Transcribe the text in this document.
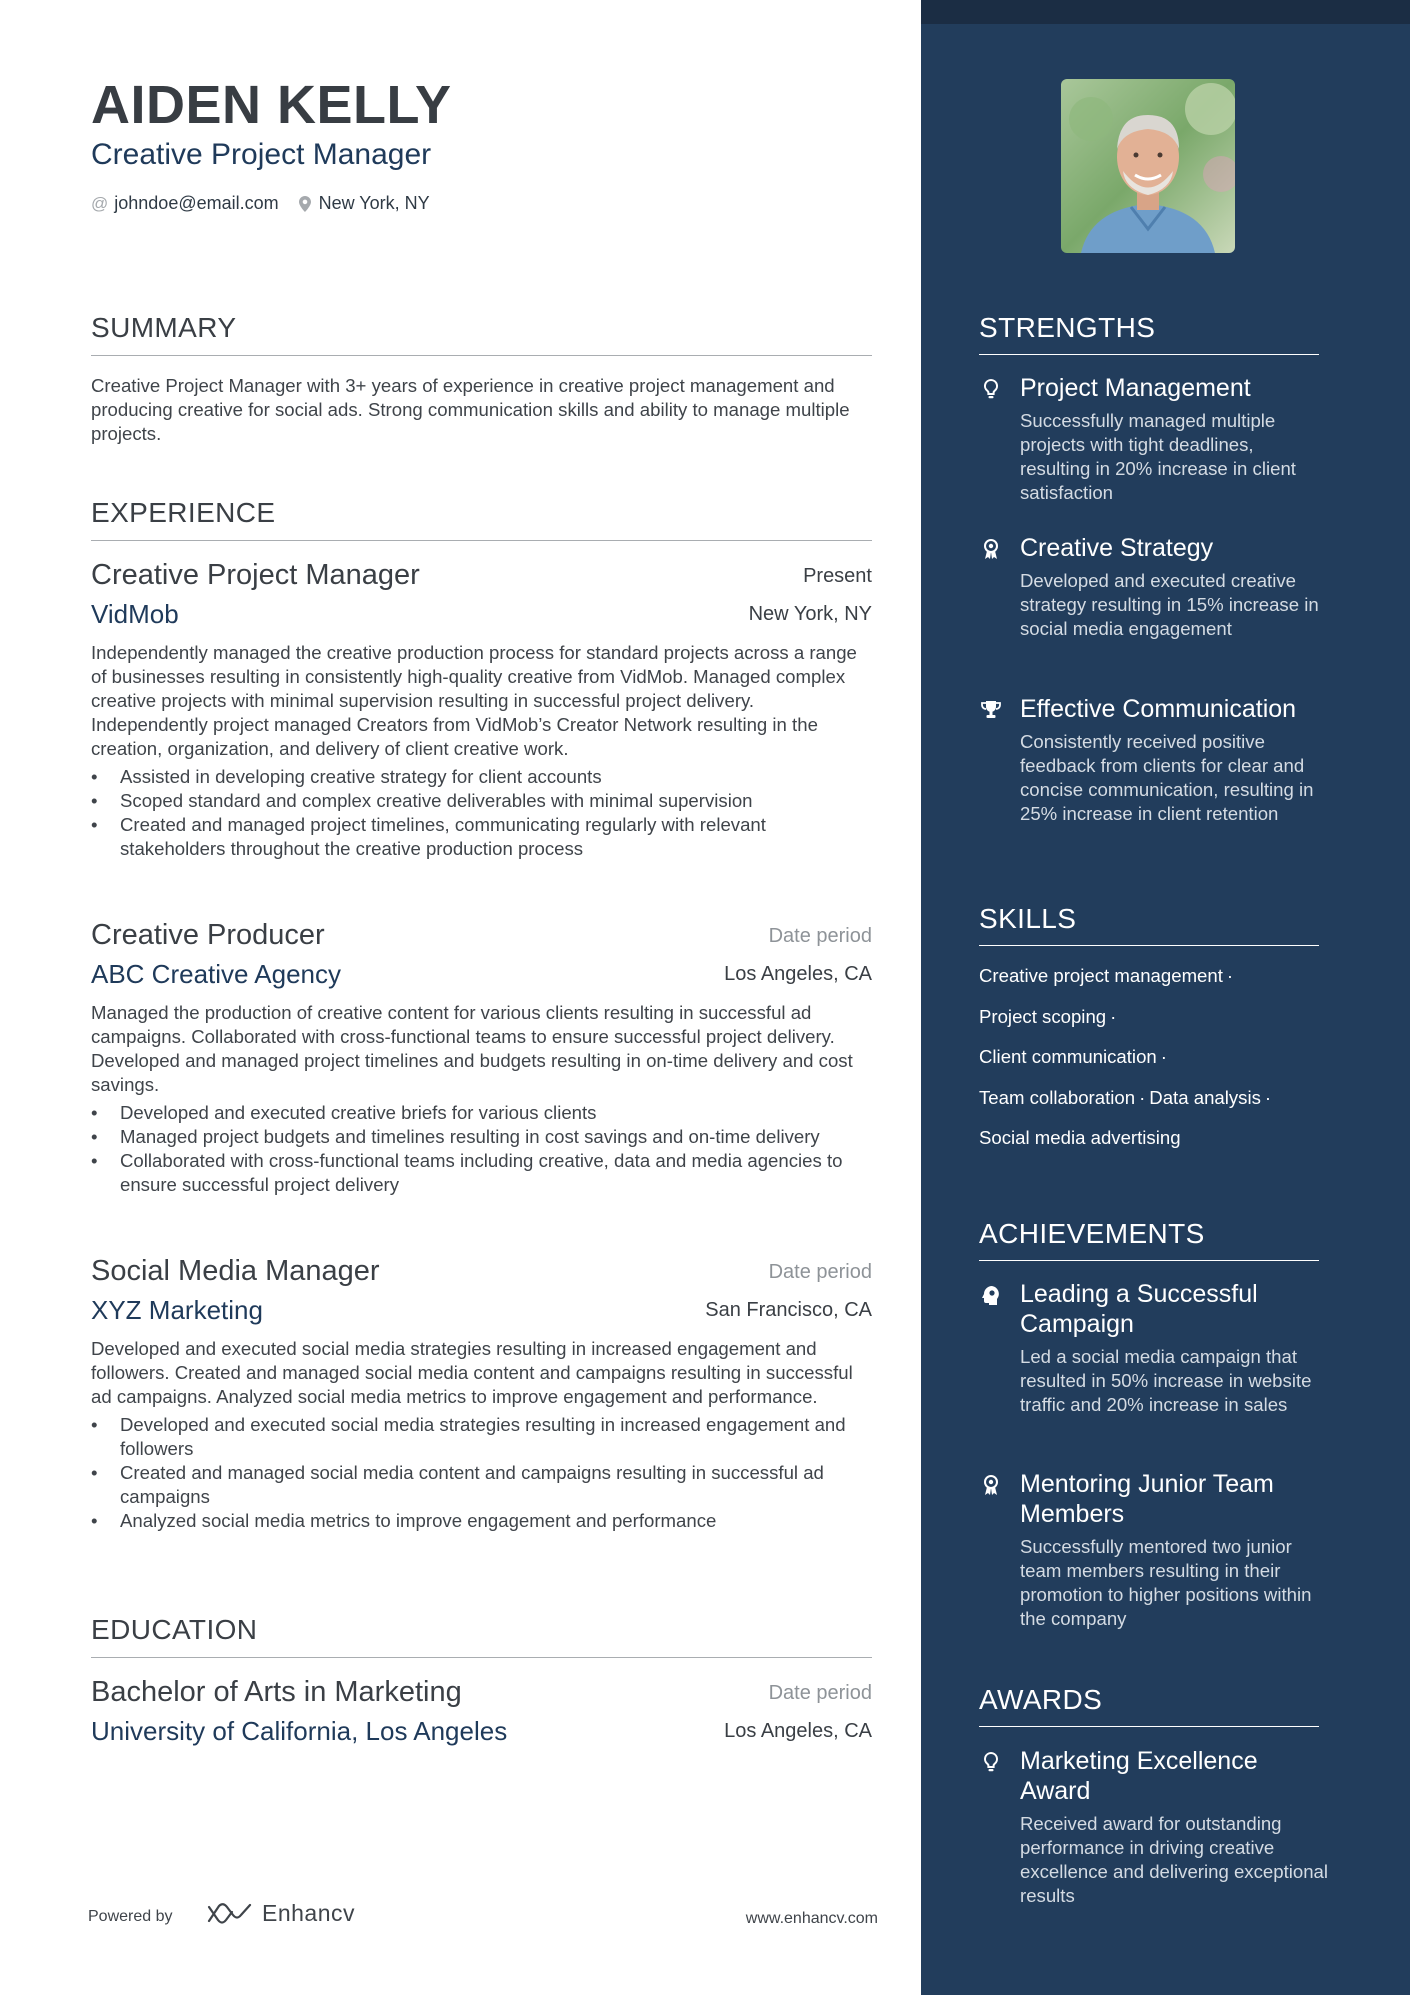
AIDEN KELLY
Creative Project Manager
@ johndoe@email.com New York, NY
SUMMARY
Creative Project Manager with 3+ years of experience in creative project management and producing creative for social ads. Strong communication skills and ability to manage multiple projects.
EXPERIENCE
Creative Project Manager	Present
VidMob	New York, NY
Independently managed the creative production process for standard projects across a range of businesses resulting in consistently high-quality creative from VidMob. Managed complex creative projects with minimal supervision resulting in successful project delivery. Independently project managed Creators from VidMob’s Creator Network resulting in the creation, organization, and delivery of client creative work.
• Assisted in developing creative strategy for client accounts
• Scoped standard and complex creative deliverables with minimal supervision
• Created and managed project timelines, communicating regularly with relevant stakeholders throughout the creative production process
Creative Producer	Date period
ABC Creative Agency	Los Angeles, CA
Managed the production of creative content for various clients resulting in successful ad campaigns. Collaborated with cross-functional teams to ensure successful project delivery. Developed and managed project timelines and budgets resulting in on-time delivery and cost savings.
• Developed and executed creative briefs for various clients
• Managed project budgets and timelines resulting in cost savings and on-time delivery
• Collaborated with cross-functional teams including creative, data and media agencies to ensure successful project delivery
Social Media Manager	Date period
XYZ Marketing	San Francisco, CA
Developed and executed social media strategies resulting in increased engagement and followers. Created and managed social media content and campaigns resulting in successful ad campaigns. Analyzed social media metrics to improve engagement and performance.
• Developed and executed social media strategies resulting in increased engagement and followers
• Created and managed social media content and campaigns resulting in successful ad campaigns
• Analyzed social media metrics to improve engagement and performance
EDUCATION
Bachelor of Arts in Marketing	Date period
University of California, Los Angeles	Los Angeles, CA
Powered by	Enhancv	www.enhancv.com
STRENGTHS
Project Management
Successfully managed multiple projects with tight deadlines, resulting in 20% increase in client satisfaction
Creative Strategy
Developed and executed creative strategy resulting in 15% increase in social media engagement
Effective Communication
Consistently received positive feedback from clients for clear and concise communication, resulting in 25% increase in client retention
SKILLS
Creative project management ·
Project scoping ·
Client communication ·
Team collaboration · Data analysis ·
Social media advertising
ACHIEVEMENTS
Leading a Successful Campaign
Led a social media campaign that resulted in 50% increase in website traffic and 20% increase in sales
Mentoring Junior Team Members
Successfully mentored two junior team members resulting in their promotion to higher positions within the company
AWARDS
Marketing Excellence Award
Received award for outstanding performance in driving creative excellence and delivering exceptional results
